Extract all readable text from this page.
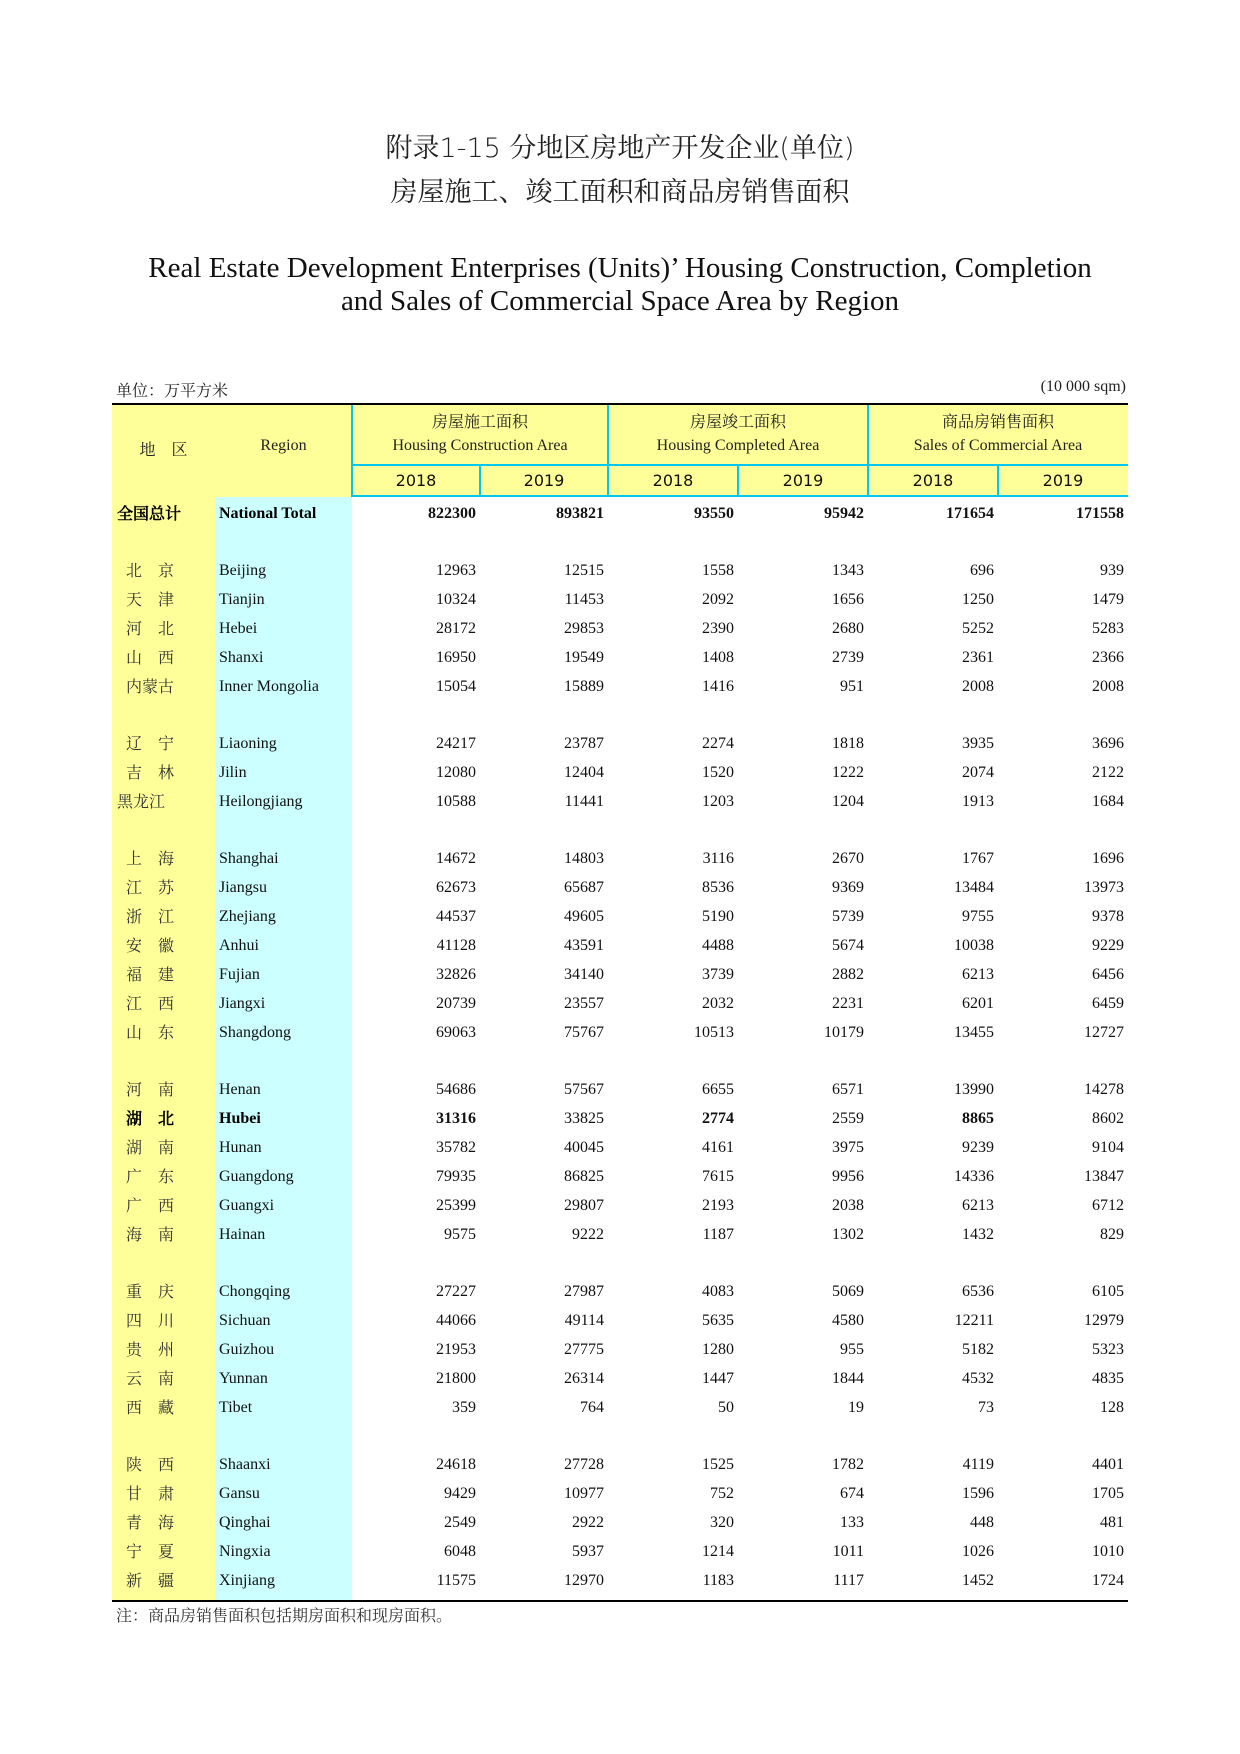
附录1-15 分地区房地产开发企业(单位)
房屋施工、竣工面积和商品房销售面积
Real Estate Development Enterprises (Units)’ Housing Construction, Completion
and Sales of Commercial Space Area by Region
单位：万平方米	(10 000 sqm)
地　区	Region
房屋施工面积
Housing Construction Area
房屋竣工面积
Housing Completed Area
商品房销售面积
Sales of Commercial Area
2018	2019	2018	2019	2018	2019
全国总计	National Total	822300	893821	93550	95942	171654	171558
北　京	Beijing	12963	12515	1558	1343	696	939
天　津	Tianjin	10324	11453	2092	1656	1250	1479
河　北	Hebei	28172	29853	2390	2680	5252	5283
山　西	Shanxi	16950	19549	1408	2739	2361	2366
内蒙古	Inner Mongolia	15054	15889	1416	951	2008	2008
辽　宁	Liaoning	24217	23787	2274	1818	3935	3696
吉　林	Jilin	12080	12404	1520	1222	2074	2122
黑龙江	Heilongjiang	10588	11441	1203	1204	1913	1684
上　海	Shanghai	14672	14803	3116	2670	1767	1696
江　苏	Jiangsu	62673	65687	8536	9369	13484	13973
浙　江	Zhejiang	44537	49605	5190	5739	9755	9378
安　徽	Anhui	41128	43591	4488	5674	10038	9229
福　建	Fujian	32826	34140	3739	2882	6213	6456
江　西	Jiangxi	20739	23557	2032	2231	6201	6459
山　东	Shangdong	69063	75767	10513	10179	13455	12727
河　南	Henan	54686	57567	6655	6571	13990	14278
湖　北	Hubei	31316	33825	2774	2559	8865	8602
湖　南	Hunan	35782	40045	4161	3975	9239	9104
广　东	Guangdong	79935	86825	7615	9956	14336	13847
广　西	Guangxi	25399	29807	2193	2038	6213	6712
海　南	Hainan	9575	9222	1187	1302	1432	829
重　庆	Chongqing	27227	27987	4083	5069	6536	6105
四　川	Sichuan	44066	49114	5635	4580	12211	12979
贵　州	Guizhou	21953	27775	1280	955	5182	5323
云　南	Yunnan	21800	26314	1447	1844	4532	4835
西　藏	Tibet	359	764	50	19	73	128
陕　西	Shaanxi	24618	27728	1525	1782	4119	4401
甘　肃	Gansu	9429	10977	752	674	1596	1705
青　海	Qinghai	2549	2922	320	133	448	481
宁　夏	Ningxia	6048	5937	1214	1011	1026	1010
新　疆	Xinjiang	11575	12970	1183	1117	1452	1724
注：商品房销售面积包括期房面积和现房面积。
